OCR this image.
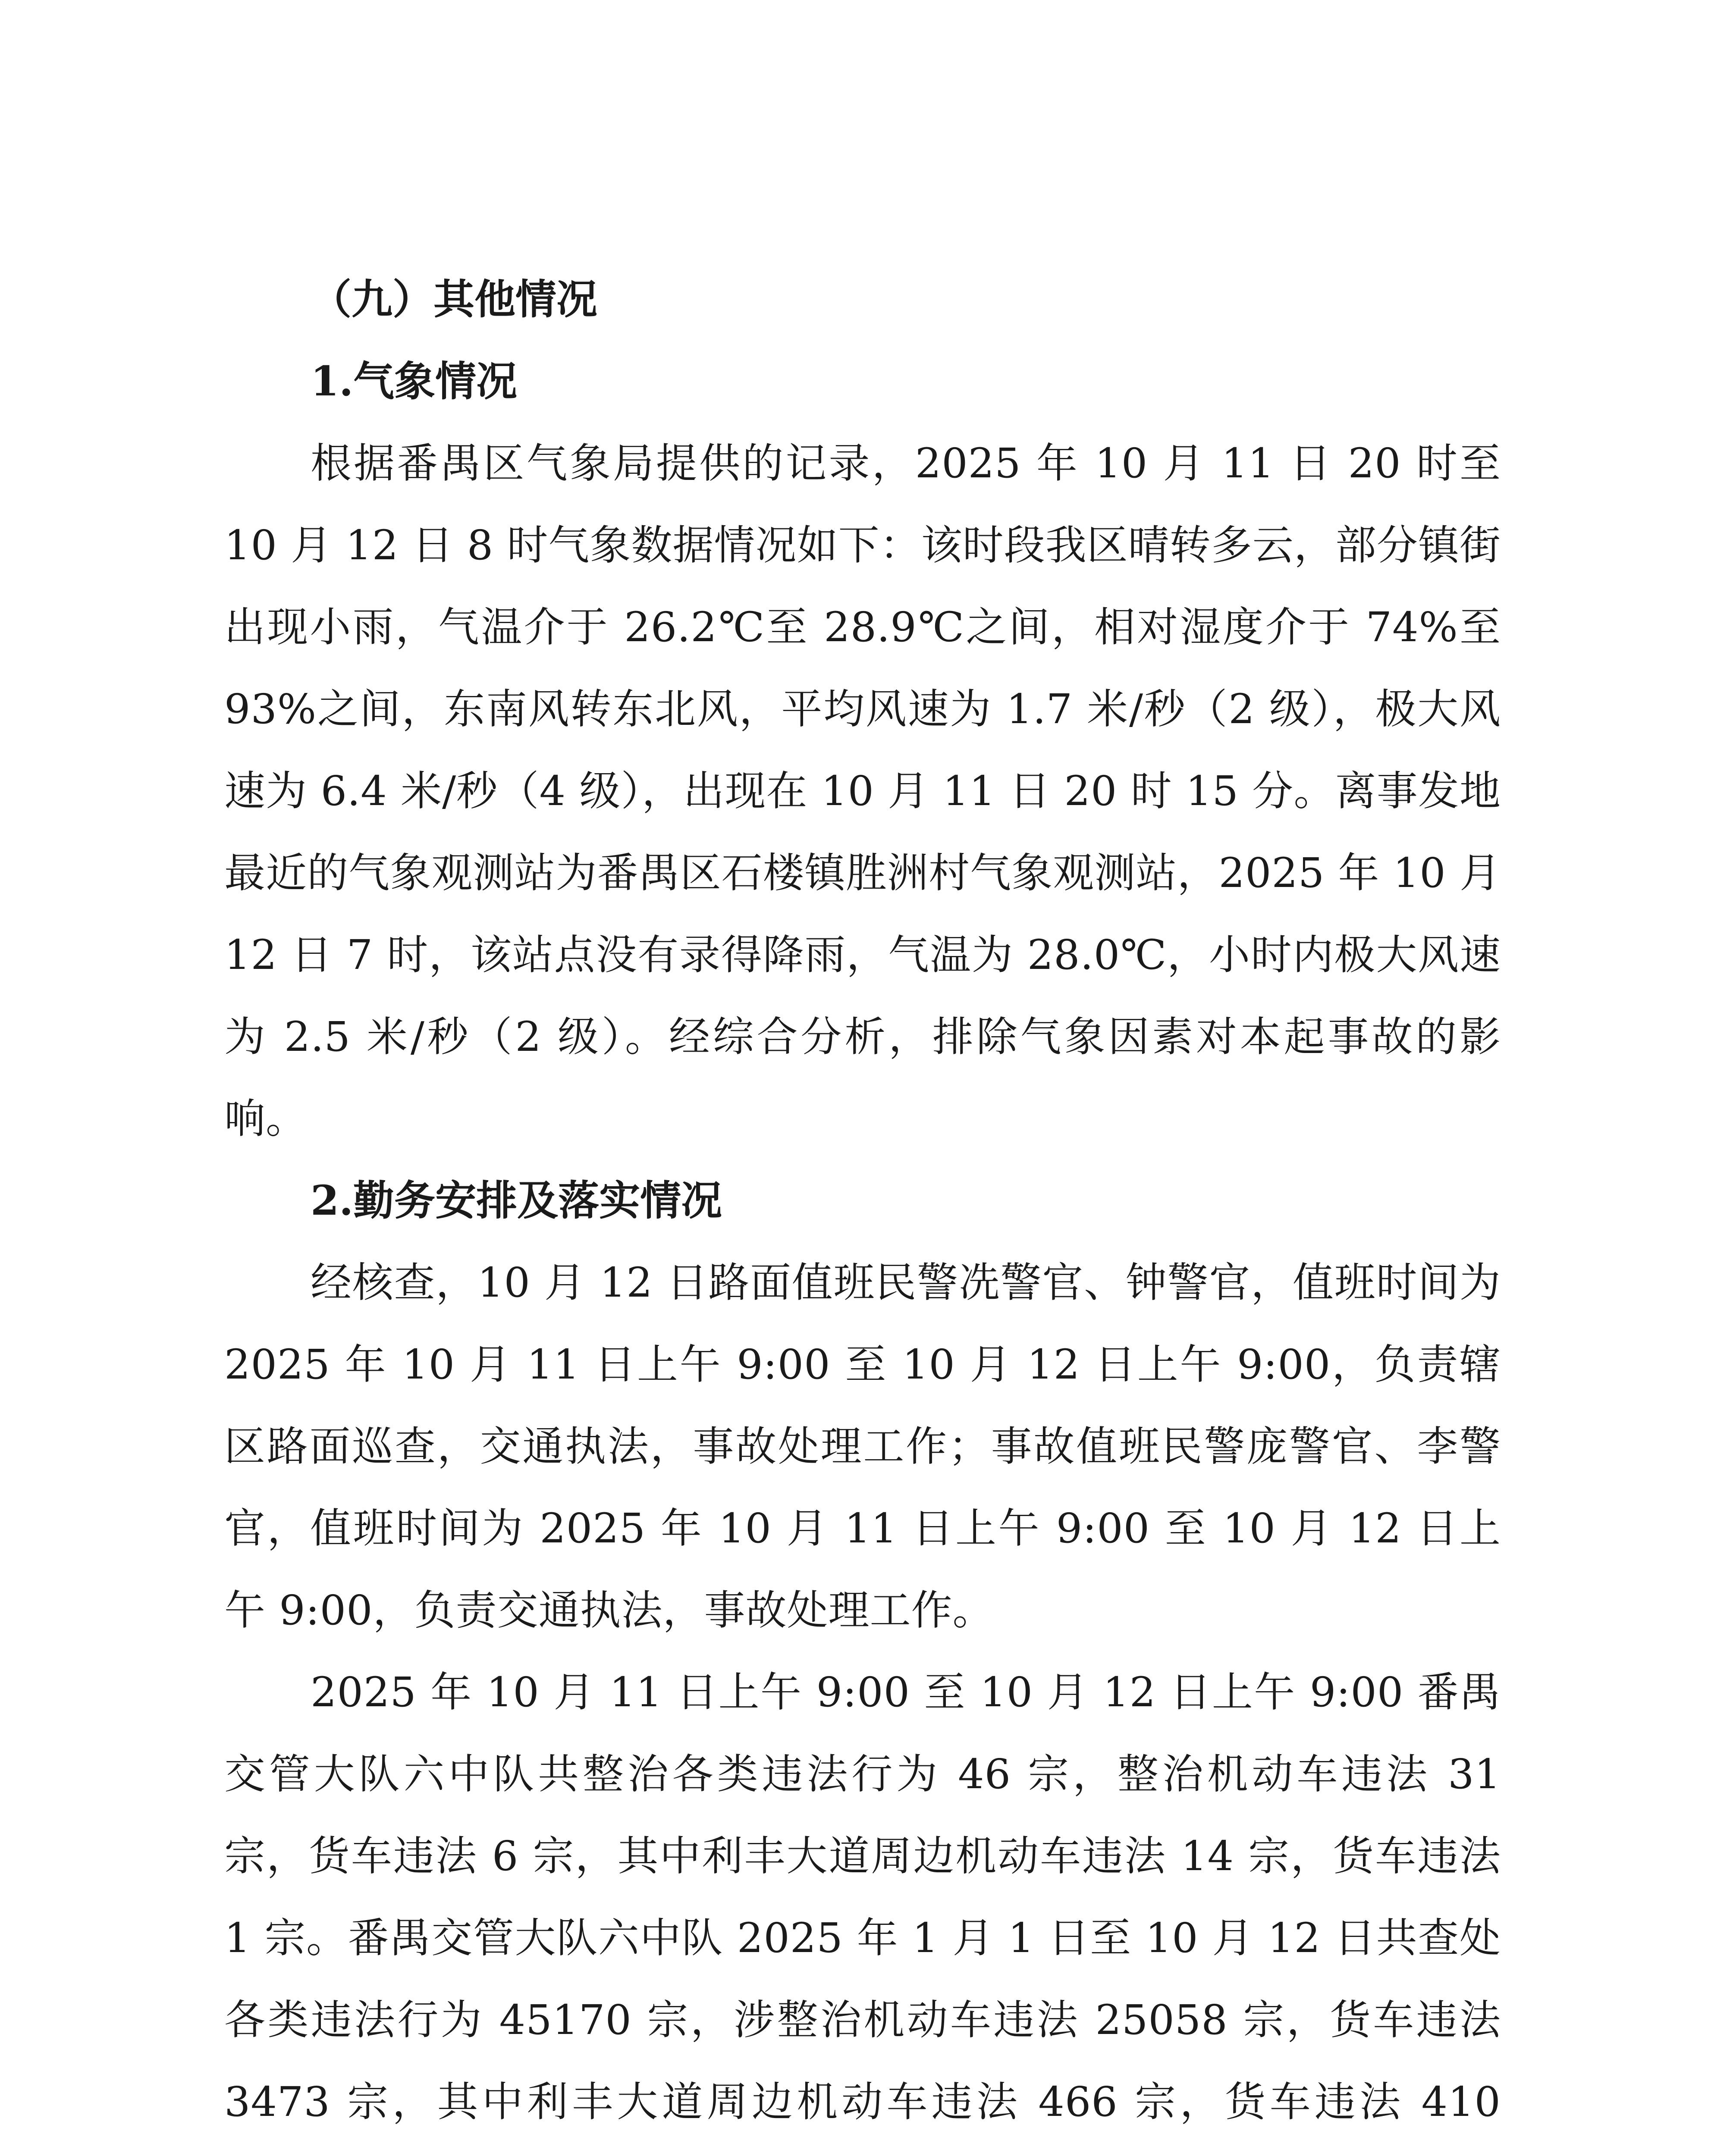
（九）其他情况

1.气象情况

根据番禺区气象局提供的记录，2025 年 10 月 11 日 20 时至 10 月 12 日 8 时气象数据情况如下：该时段我区晴转多云，部分镇街出现小雨，气温介于 26.2℃至 28.9℃之间，相对湿度介于 74%至 93%之间，东南风转东北风，平均风速为 1.7 米/秒（2 级），极大风速为 6.4 米/秒（4 级），出现在 10 月 11 日 20 时 15 分。离事发地最近的气象观测站为番禺区石楼镇胜洲村气象观测站，2025 年 10 月 12 日 7 时，该站点没有录得降雨，气温为 28.0℃，小时内极大风速为 2.5 米/秒（2 级）。经综合分析，排除气象因素对本起事故的影响。

2.勤务安排及落实情况

经核查，10 月 12 日路面值班民警冼警官、钟警官，值班时间为 2025 年 10 月 11 日上午 9:00 至 10 月 12 日上午 9:00，负责辖区路面巡查，交通执法，事故处理工作；事故值班民警庞警官、李警官，值班时间为 2025 年 10 月 11 日上午 9:00 至 10 月 12 日上午 9:00，负责交通执法，事故处理工作。

2025 年 10 月 11 日上午 9:00 至 10 月 12 日上午 9:00 番禺交管大队六中队共整治各类违法行为 46 宗，整治机动车违法 31 宗，货车违法 6 宗，其中利丰大道周边机动车违法 14 宗，货车违法 1 宗。番禺交管大队六中队 2025 年 1 月 1 日至 10 月 12 日共查处各类违法行为 45170 宗，涉整治机动车违法 25058 宗，货车违法 3473 宗，其中利丰大道周边机动车违法 466 宗，货车违法 410
